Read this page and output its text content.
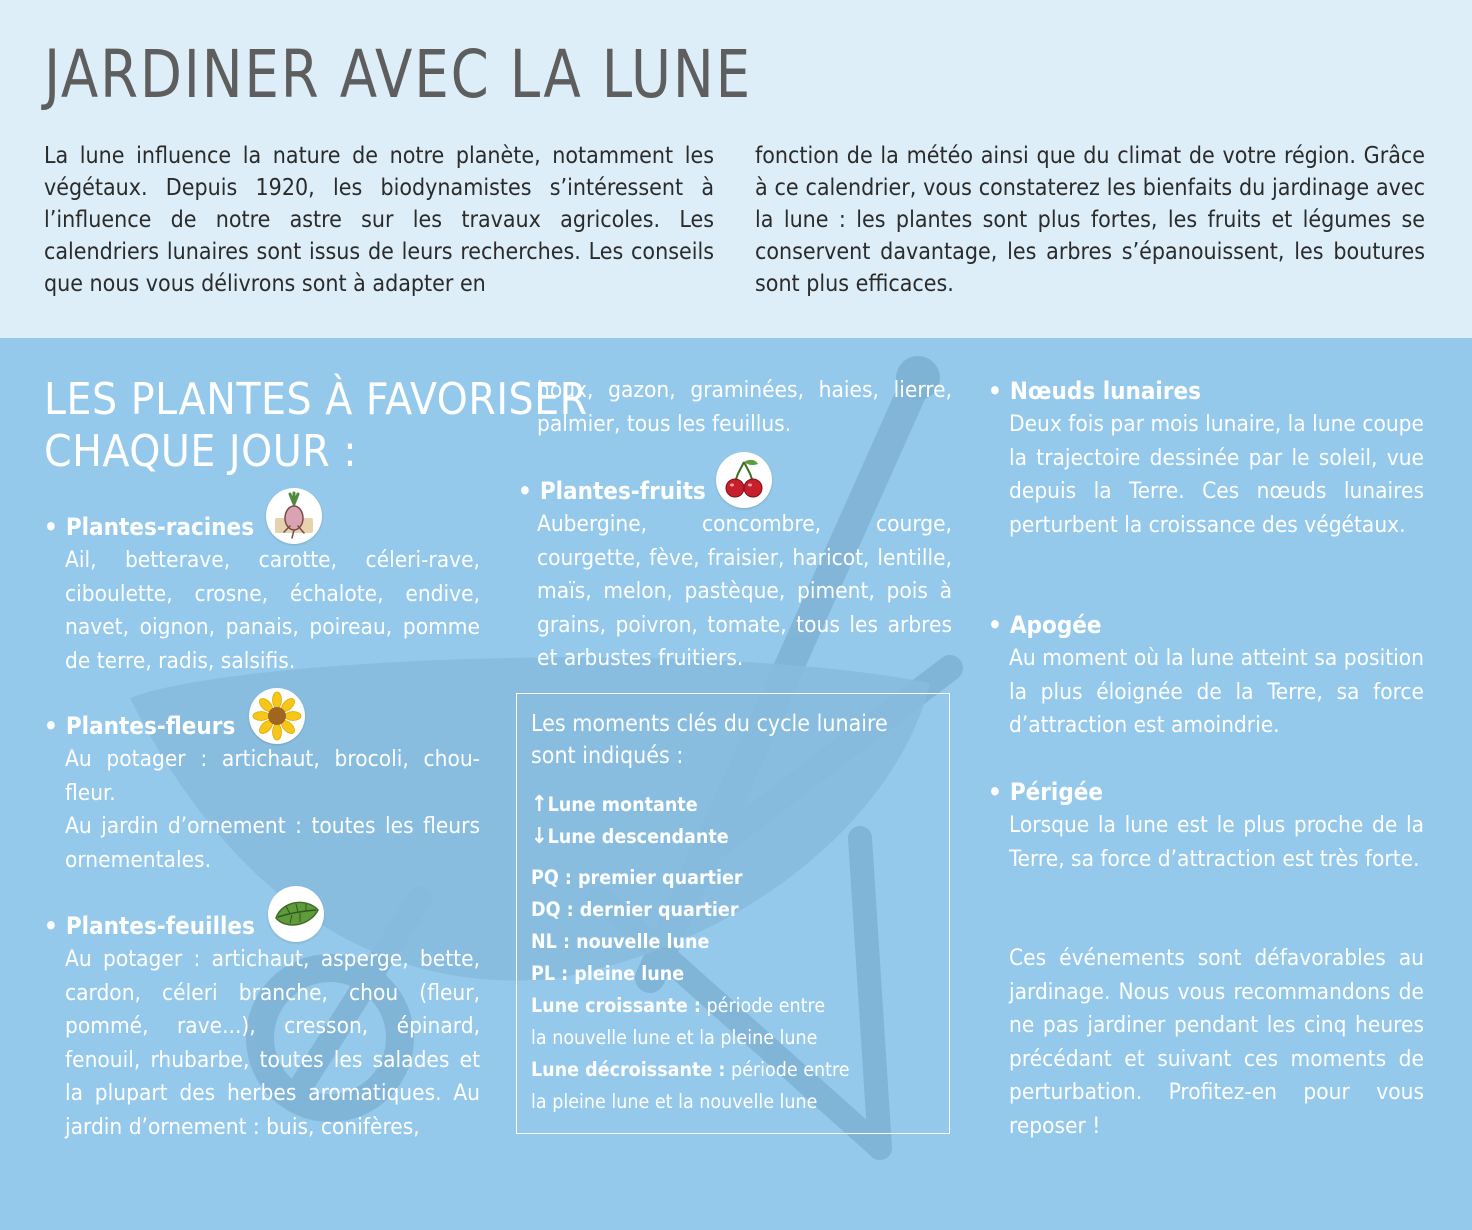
JARDINER AVEC LA LUNE

La lune influence la nature de notre planète, notamment les végétaux. Depuis 1920, les biodynamistes s’intéressent à l’influence de notre astre sur les travaux agricoles. Les calendriers lunaires sont issus de leurs recherches. Les conseils que nous vous délivrons sont à adapter en

fonction de la météo ainsi que du climat de votre région. Grâce à ce calendrier, vous constaterez les bienfaits du jardinage avec la lune : les plantes sont plus fortes, les fruits et légumes se conservent davantage, les arbres s’épanouissent, les boutures sont plus efficaces.

LES PLANTES À FAVORISER
CHAQUE JOUR :
• Plantes-racines
Ail, betterave, carotte, céleri-rave, ciboulette, crosne, échalote, endive, navet, oignon, panais, poireau, pomme de terre, radis, salsifis.
• Plantes-fleurs
Au potager : artichaut, brocoli, chou-fleur.
Au jardin d’ornement : toutes les fleurs ornementales.
• Plantes-feuilles
Au potager : artichaut, asperge, bette, cardon, céleri branche, chou (fleur, pommé, rave...), cresson, épinard, fenouil, rhubarbe, toutes les salades et la plupart des herbes aromatiques. Au jardin d’ornement : buis, conifères,
houx, gazon, graminées, haies, lierre, palmier, tous les feuillus.
• Plantes-fruits
Aubergine, concombre, courge, courgette, fève, fraisier, haricot, lentille, maïs, melon, pastèque, piment, pois à grains, poivron, tomate, tous les arbres et arbustes fruitiers.
Les moments clés du cycle lunaire sont indiqués :
↑Lune montante
↓Lune descendante
PQ : premier quartier
DQ : dernier quartier
NL : nouvelle lune
PL : pleine lune
Lune croissante : période entre
la nouvelle lune et la pleine lune
Lune décroissante : période entre
la pleine lune et la nouvelle lune
• Nœuds lunaires
Deux fois par mois lunaire, la lune coupe la trajectoire dessinée par le soleil, vue depuis la Terre. Ces nœuds lunaires perturbent la croissance des végétaux.
• Apogée
Au moment où la lune atteint sa position la plus éloignée de la Terre, sa force d’attraction est amoindrie.
• Périgée
Lorsque la lune est le plus proche de la Terre, sa force d’attraction est très forte.
Ces événements sont défavorables au jardinage. Nous vous recommandons de ne pas jardiner pendant les cinq heures précédant et suivant ces moments de perturbation. Profitez-en pour vous reposer !
